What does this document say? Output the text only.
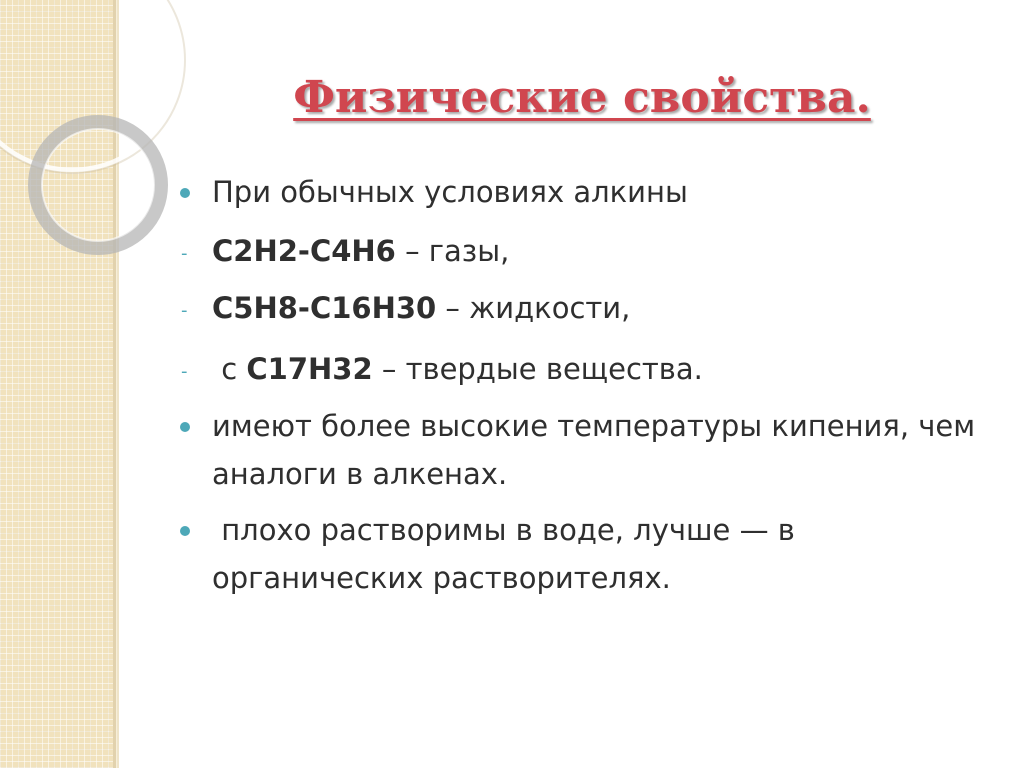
Физические свойства.
При обычных условиях алкины
- C2H2-C4H6 – газы,
- C5H8-C16H30 – жидкости,
- с C17H32 – твердые вещества.
имеют более высокие температуры кипения, чем аналоги в алкенах.
плохо растворимы в воде, лучше — в органических растворителях.
